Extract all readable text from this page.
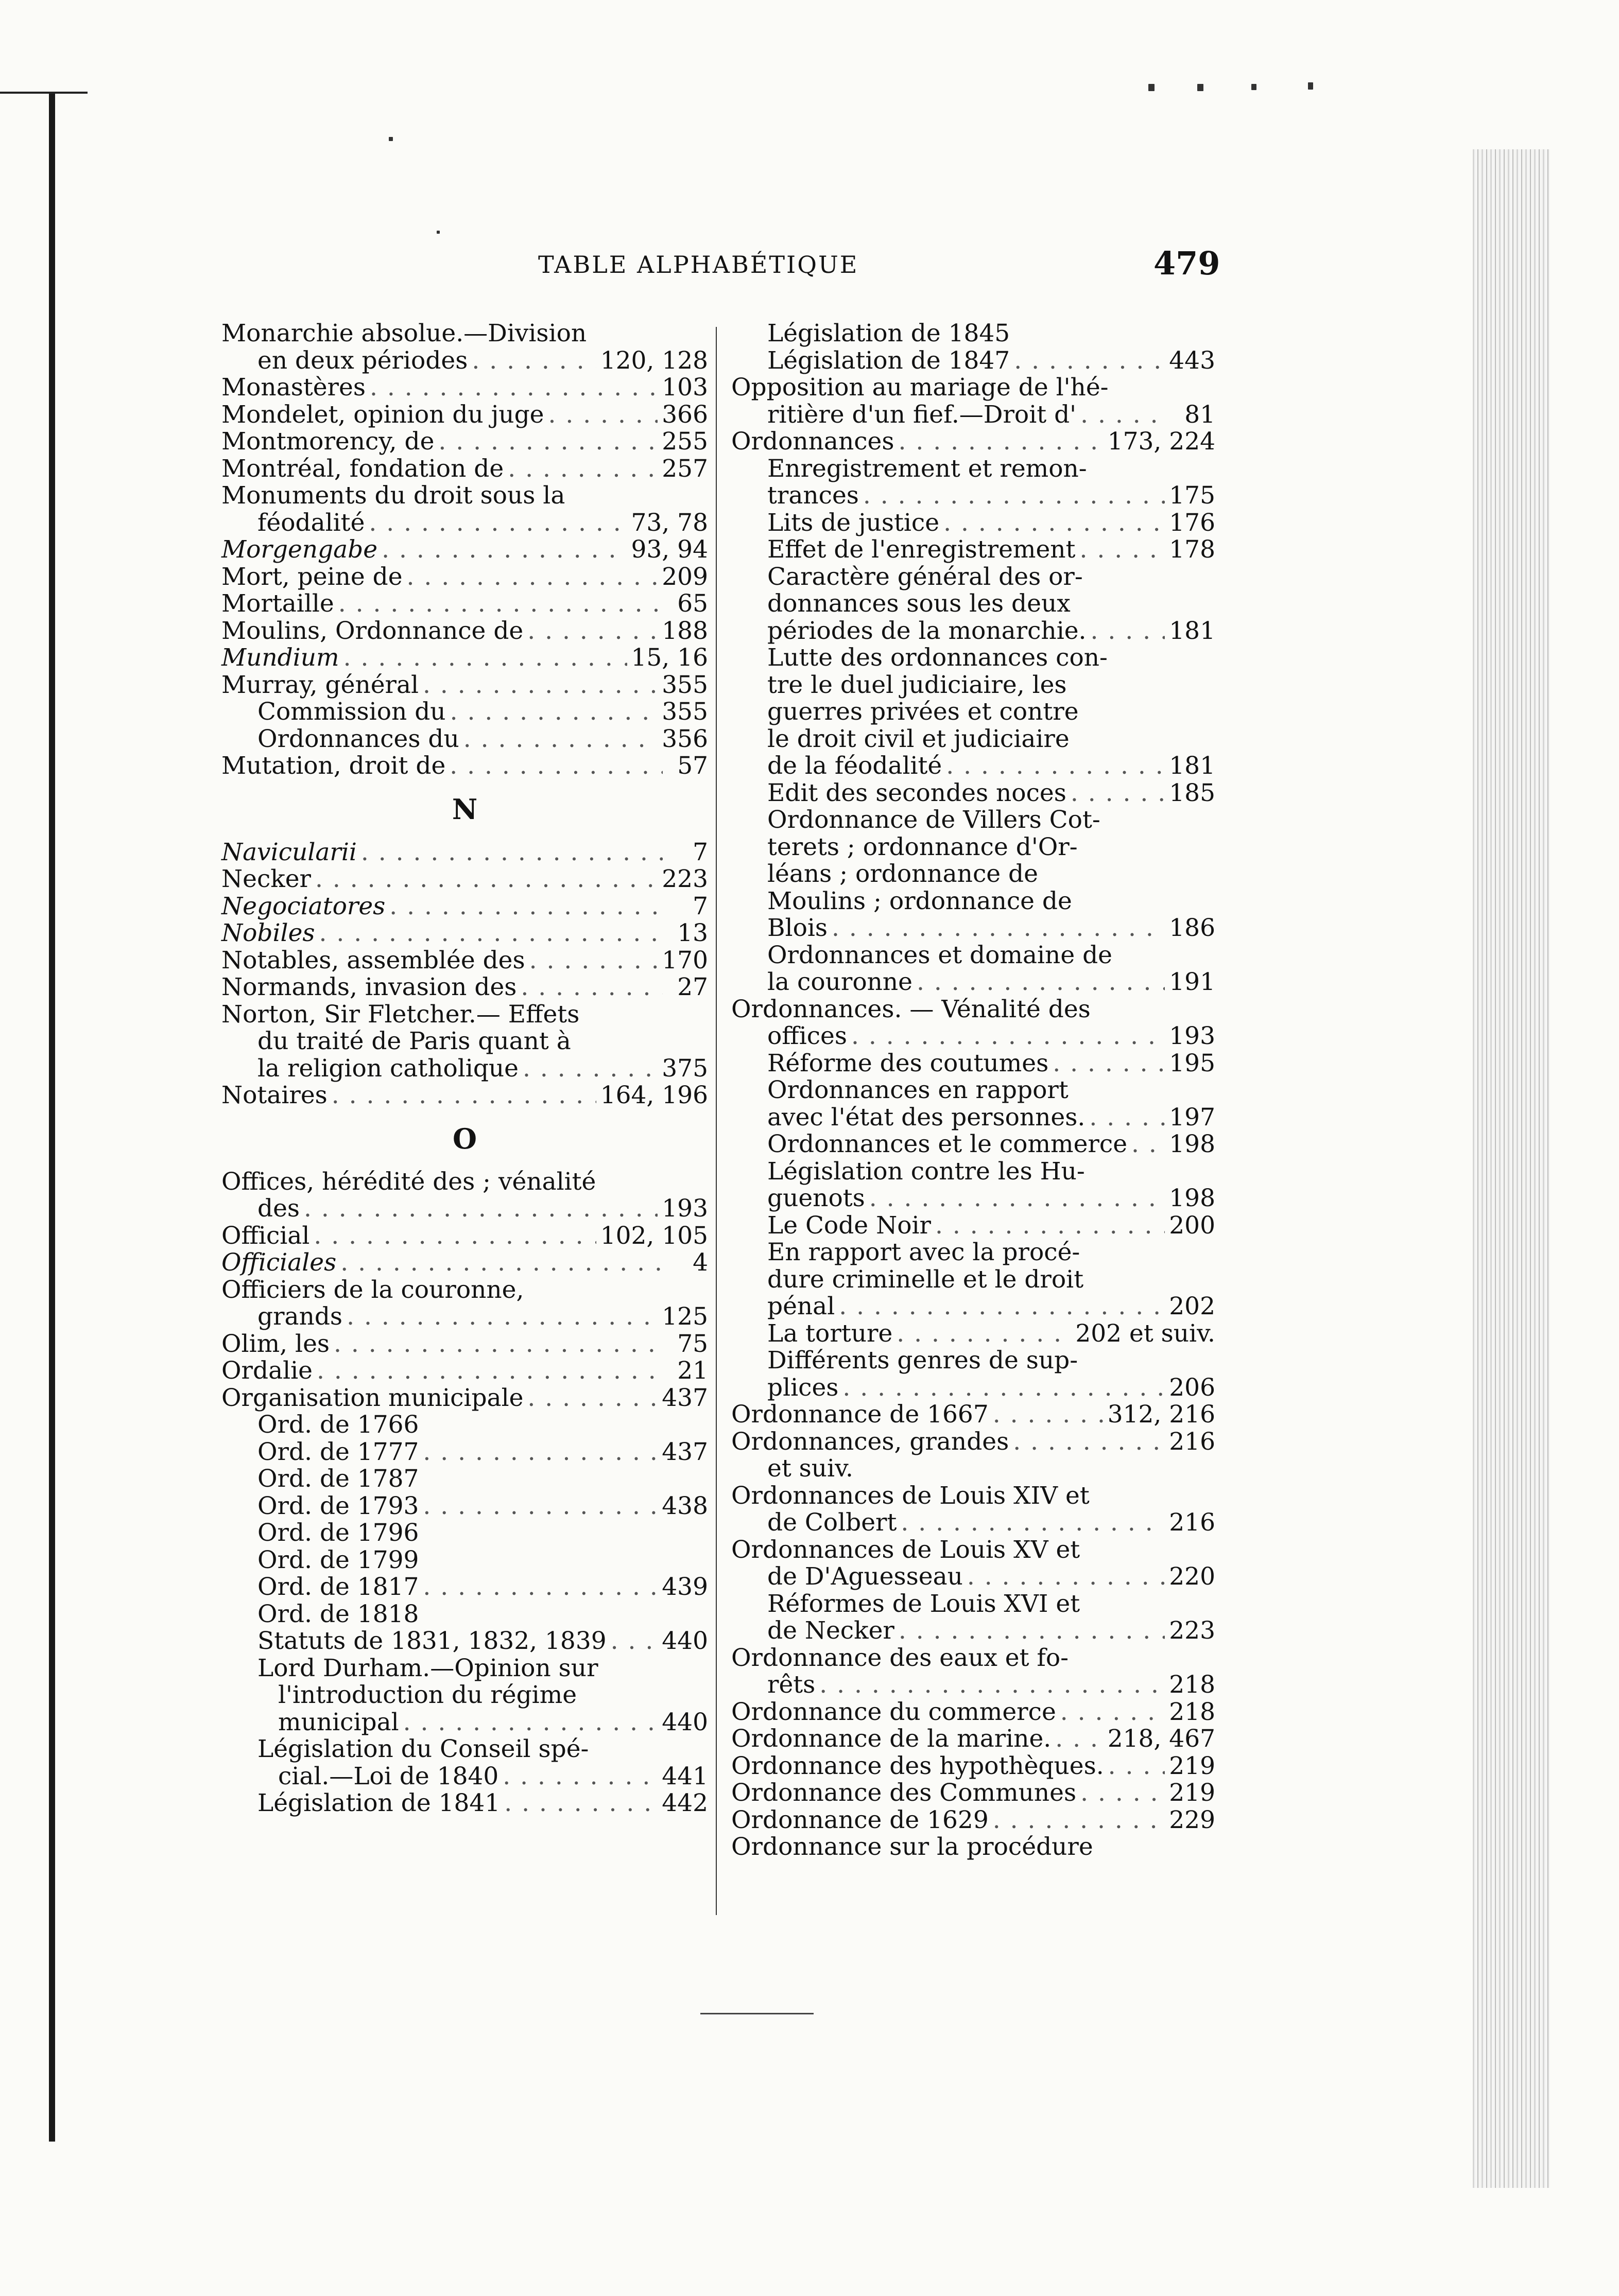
TABLE ALPHABÉTIQUE	479
Monarchie absolue.—Division
en deux périodes . . .	120, 128
Monastères . . .	103
Mondelet, opinion du juge . . .	366
Montmorency, de . . .	255
Montréal, fondation de . . .	257
Monuments du droit sous la
féodalité . . .	73, 78
Morgengabe . . .	93, 94
Mort, peine de . . .	209
Mortaille . . .	65
Moulins, Ordonnance de . . .	188
Mundium . . .	15, 16
Murray, général . . .	355
Commission du . . .	355
Ordonnances du . . .	356
Mutation, droit de . . .	57
N
Navicularii . . .	7
Necker . . .	223
Negociatores . . .	7
Nobiles . . .	13
Notables, assemblée des . . .	170
Normands, invasion des . . .	27
Norton, Sir Fletcher.— Effets
du traité de Paris quant à
la religion catholique . . .	375
Notaires . . .	164, 196
O
Offices, hérédité des ; vénalité
des . . .	193
Official . . .	102, 105
Officiales . . .	4
Officiers de la couronne,
grands . . .	125
Olim, les . . .	75
Ordalie . . .	21
Organisation municipale . . .	437
Ord. de 1766
Ord. de 1777 . . .	437
Ord. de 1787
Ord. de 1793 . . .	438
Ord. de 1796
Ord. de 1799
Ord. de 1817 . . .	439
Ord. de 1818
Statuts de 1831, 1832, 1839 . . . 440
Lord Durham.—Opinion sur
l'introduction du régime
municipal . . .	440
Législation du Conseil spé-
cial.—Loi de 1840 . . .	441
Législation de 1841 . . .	442
Législation de 1845
Législation de 1847 . . .	443
Opposition au mariage de l'hé-
ritière d'un fief.—Droit d' . . .	81
Ordonnances . . .	173, 224
Enregistrement et remon-
trances . . .	175
Lits de justice . . .	176
Effet de l'enregistrement . . .	178
Caractère général des or-
donnances sous les deux
périodes de la monarchie. . . .	181
Lutte des ordonnances con-
tre le duel judiciaire, les
guerres privées et contre
le droit civil et judiciaire
de la féodalité . . .	181
Edit des secondes noces . . .	185
Ordonnance de Villers Cot-
terets ; ordonnance d'Or-
léans ; ordonnance de
Moulins ; ordonnance de
Blois . . .	186
Ordonnances et domaine de
la couronne . . .	191
Ordonnances. — Vénalité des
offices . . .	193
Réforme des coutumes . . .	195
Ordonnances en rapport
avec l'état des personnes. . . .	197
Ordonnances et le commerce . . . 198
Législation contre les Hu-
guenots . . .	198
Le Code Noir . . .	200
En rapport avec la procé-
dure criminelle et le droit
pénal . . .	202
La torture . . .	202 et suiv.
Différents genres de sup-
plices . . .	206
Ordonnance de 1667 . . .	312, 216
Ordonnances, grandes . . .	216
et suiv.
Ordonnances de Louis XIV et
de Colbert . . .	216
Ordonnances de Louis XV et
de D'Aguesseau . . .	220
Réformes de Louis XVI et
de Necker . . .	223
Ordonnance des eaux et fo-
rêts . . .	218
Ordonnance du commerce . . .	218
Ordonnance de la marine. . . . 218, 467
Ordonnance des hypothèques. . . .	219
Ordonnance des Communes . . .	219
Ordonnance de 1629 . . .	229
Ordonnance sur la procédure
